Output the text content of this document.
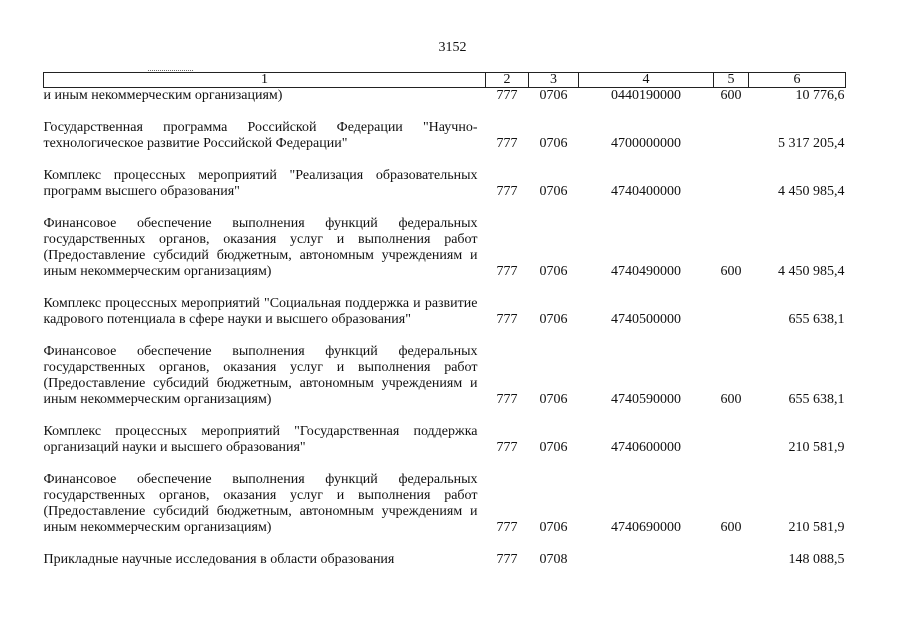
3152
1	2	3	4	5	6
и иным некоммерческим организациям)	777	0706	0440190000	600	10 776,6

Государственная программа Российской Федерации "Научно-технологическое развитие Российской Федерации"	777	0706	4700000000		5 317 205,4

Комплекс процессных мероприятий "Реализация образовательных программ высшего образования"	777	0706	4740400000		4 450 985,4

Финансовое обеспечение выполнения функций федеральных государственных органов, оказания услуг и выполнения работ (Предоставление субсидий бюджетным, автономным учреждениям и иным некоммерческим организациям)	777	0706	4740490000	600	4 450 985,4

Комплекс процессных мероприятий "Социальная поддержка и развитие кадрового потенциала в сфере науки и высшего образования"	777	0706	4740500000		655 638,1

Финансовое обеспечение выполнения функций федеральных государственных органов, оказания услуг и выполнения работ (Предоставление субсидий бюджетным, автономным учреждениям и иным некоммерческим организациям)	777	0706	4740590000	600	655 638,1

Комплекс процессных мероприятий "Государственная поддержка организаций науки и высшего образования"	777	0706	4740600000		210 581,9

Финансовое обеспечение выполнения функций федеральных государственных органов, оказания услуг и выполнения работ (Предоставление субсидий бюджетным, автономным учреждениям и иным некоммерческим организациям)	777	0706	4740690000	600	210 581,9

Прикладные научные исследования в области образования	777	0708			148 088,5
